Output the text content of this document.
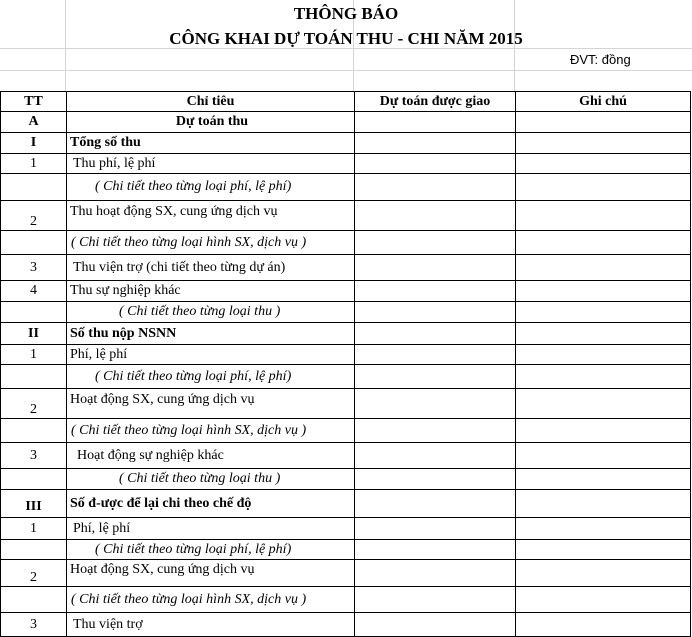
THÔNG BÁO
CÔNG KHAI DỰ TOÁN THU - CHI NĂM 2015
ĐVT: đồng
TT	Chỉ tiêu	Dự toán được giao	Ghi chú
A	Dự toán thu		
I	Tổng số thu		
1	Thu phí, lệ phí		
	( Chi tiết theo từng loại phí, lệ phí)		
2	Thu hoạt động SX, cung ứng dịch vụ		
	( Chi tiết theo từng loại hình SX, dịch vụ )		
3	Thu viện trợ (chi tiết theo từng dự án)		
4	Thu sự nghiệp khác		
	( Chi tiết theo từng loại thu )		
II	Số thu nộp NSNN		
1	Phí, lệ phí		
	( Chi tiết theo từng loại phí, lệ phí)		
2	Hoạt động SX, cung ứng dịch vụ		
	( Chi tiết theo từng loại hình SX, dịch vụ )		
3	Hoạt động sự nghiệp khác		
	( Chi tiết theo từng loại thu )		
III	Số đ-ược để lại chi theo chế độ		
1	Phí, lệ phí		
	( Chi tiết theo từng loại phí, lệ phí)		
2	Hoạt động SX, cung ứng dịch vụ		
	( Chi tiết theo từng loại hình SX, dịch vụ )		
3	Thu viện trợ		
